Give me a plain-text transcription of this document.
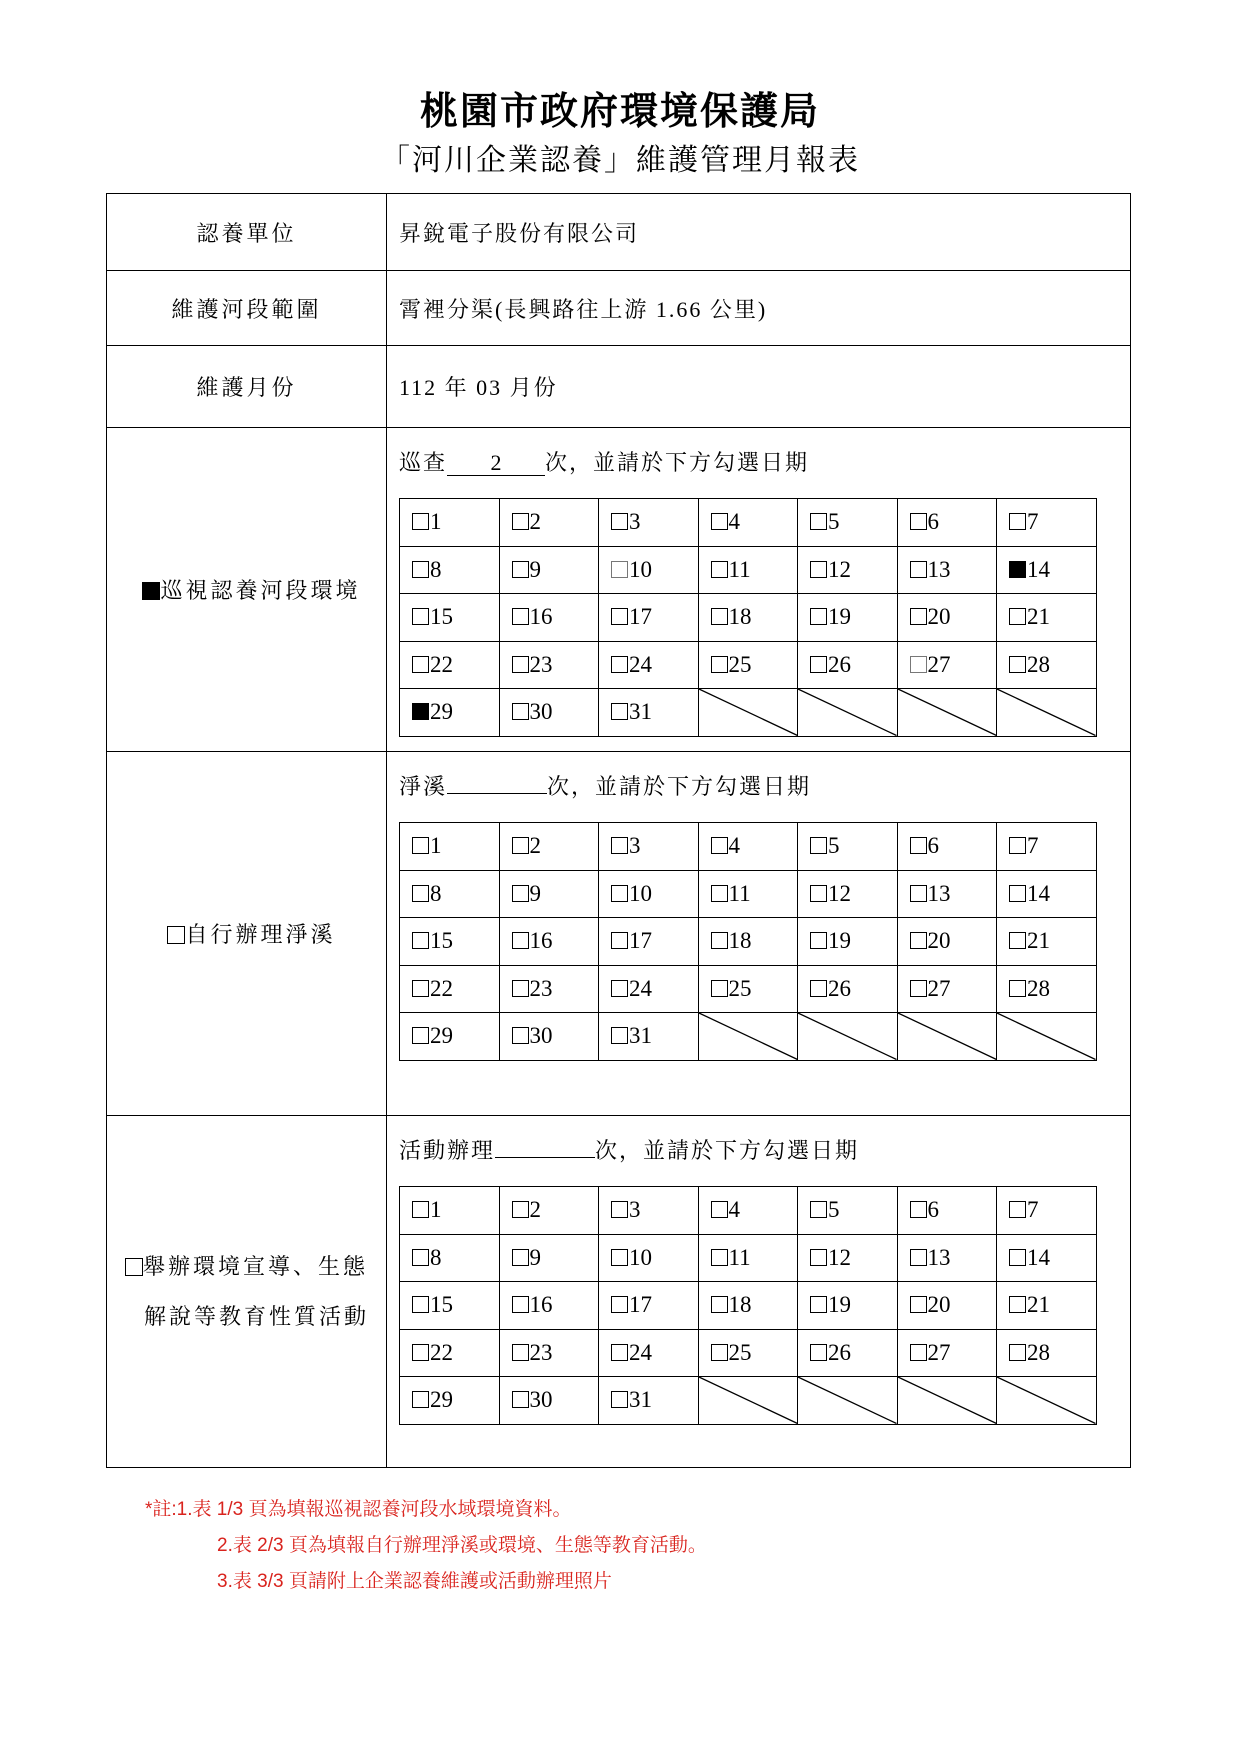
桃園市政府環境保護局
「河川企業認養」維護管理月報表
認養單位	昇銳電子股份有限公司
維護河段範圍	霄裡分渠(長興路往上游 1.66 公里)
維護月份	112 年 03 月份
巡視認養河段環境	
巡查 2 次，並請於下方勾選日期
1	2	3	4	5	6	7
8	9	10	11	12	13	14
15	16	17	18	19	20	21
22	23	24	25	26	27	28
29	30	31	

自行辦理淨溪	
淨溪	次，並請於下方勾選日期
1	2	3	4	5	6	7
8	9	10	11	12	13	14
15	16	17	18	19	20	21
22	23	24	25	26	27	28
29	30	31	

舉辦環境宣導、生態
解說等教育性質活動

活動辦理	次，並請於下方勾選日期
1	2	3	4	5	6	7
8	9	10	11	12	13	14
15	16	17	18	19	20	21
22	23	24	25	26	27	28
29	30	31	

*註:1.表 1/3 頁為填報巡視認養河段水域環境資料。
2.表 2/3 頁為填報自行辦理淨溪或環境、生態等教育活動。
3.表 3/3 頁請附上企業認養維護或活動辦理照片
